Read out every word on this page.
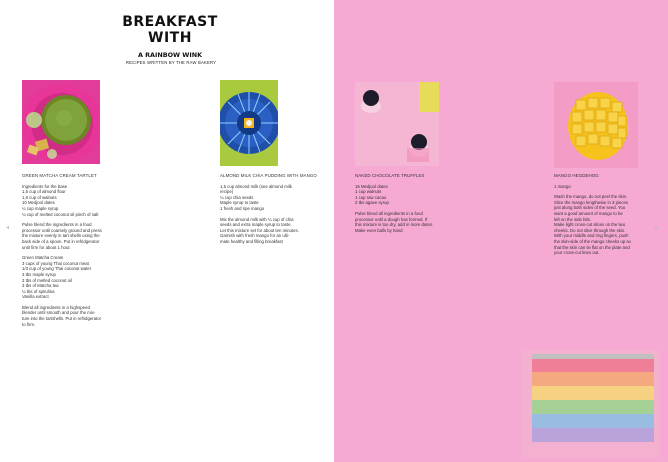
BREAKFAST WITH
A RAINBOW WINK
RECIPES WRITTEN BY THE RAW BAKERY
GREEN MATCHA CREAM TARTLET
Ingredients for the base
1,5 cup of almond flour
1,5 cup of walnuts
10 Medjool dates
¼ cup maple syrup
¼ cup of melted coconut oil pinch of salt
Pulse blend the ingredients in a food
processor until coarsely ground and press
the mixture evenly in tart shells using the
back side of a spoon. Put in refridgerator
until firm for about 1 hour.
Green Matcha Cream
3 cups of young Thai coconut meat
1/3 cup of young Thai coconut water
3 tbs maple syrup
3 tbs of melted coconut oil
3 tbs of Matcha tea
¼ tbs of spirulina
Vanilla extract
Blend all ingredients in a highspeed
blender until smooth and pour the mix-
ture into the tartshells. Put in refridgerator
to firm.
ALMOND MILK CHIA PUDDING WITH MANGO
1,5 cup almond milk (see almond milk
recipe)
¼ cup chia seeds
Maple syrup to taste
1 fresh and ripe mango
Mix the almond milk with ¼ cup of chia
seeds and extra maple syrup to taste.
Let this mixture set for about ten minutes.
Garnish with fresh mango for an ulti-
mate healthy and filling breakfast
NAKED CHOCOLATE TRUFFLES
15 Medjool dates
1 cup walnuts
1 cup raw cacao
2 tbs agave syrup
Pulse blend all ingredients in a food
processor until a dough has formed. If
this mixture is too dry, add in more dates.
Make even balls by hand
MANGO HEGDEHOG
1 mango
Wash the mango, do not peel the skin.
Slice the mango lengthwise in 3 pieces
just along both sides of the seed. You
want a good amount of mango to be
left on the side bits.
Make light cross-cut slices on the two
cheeks. Do not slice through the skin.
With your middle and ring fingers, push
the skin-side of the mango cheeks up so
that the skin can lie flat on the plate and
your cross-cut lines out.
◂	▸
